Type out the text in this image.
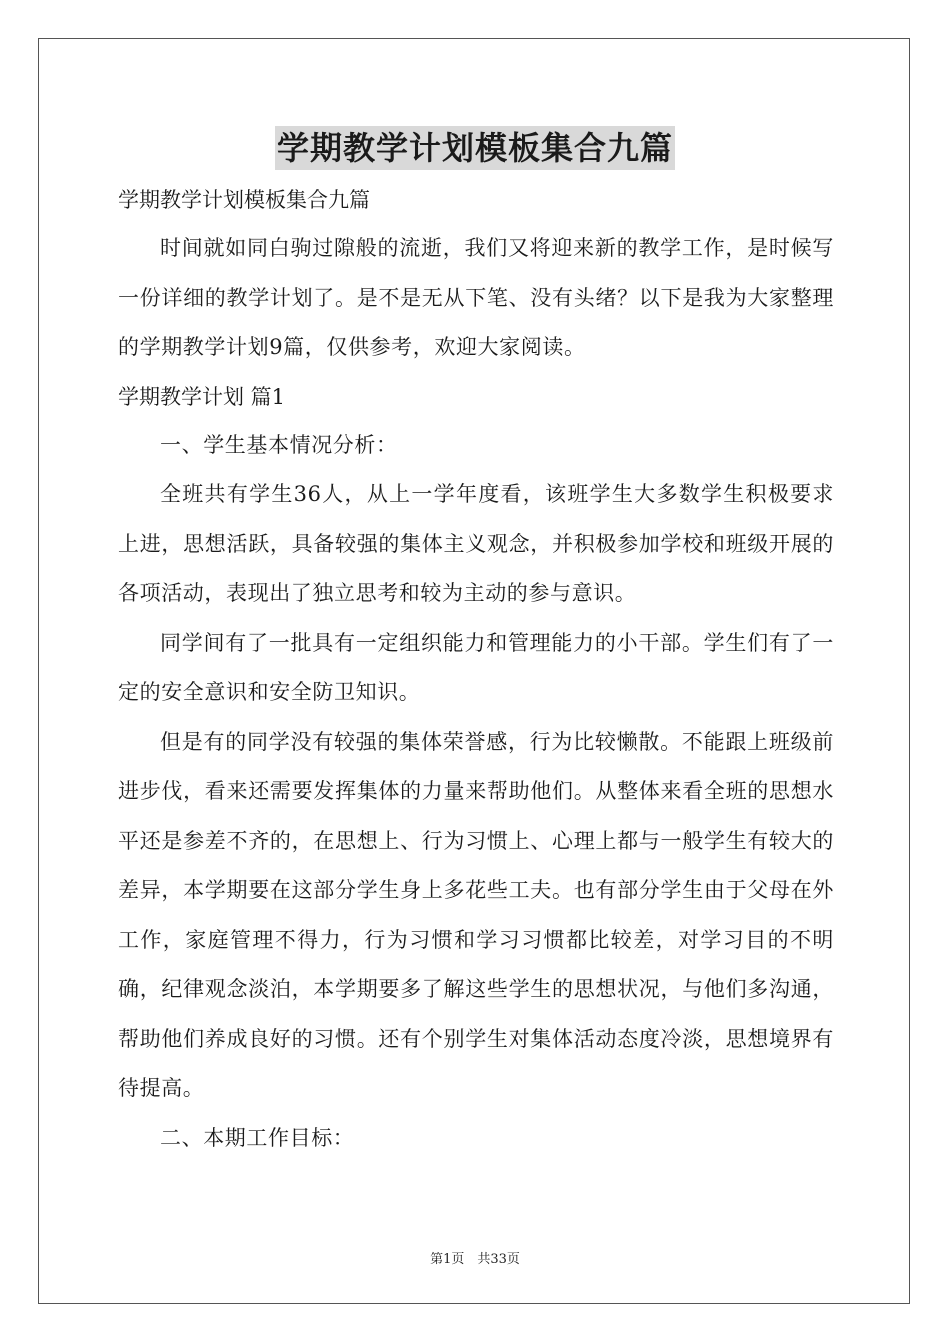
学期教学计划模板集合九篇

学期教学计划模板集合九篇

时间就如同白驹过隙般的流逝，我们又将迎来新的教学工作，是时候写一份详细的教学计划了。是不是无从下笔、没有头绪？以下是我为大家整理的学期教学计划9篇，仅供参考，欢迎大家阅读。

学期教学计划 篇1

一、学生基本情况分析：

全班共有学生36人，从上一学年度看，该班学生大多数学生积极要求上进，思想活跃，具备较强的集体主义观念，并积极参加学校和班级开展的各项活动，表现出了独立思考和较为主动的参与意识。

同学间有了一批具有一定组织能力和管理能力的小干部。学生们有了一定的安全意识和安全防卫知识。

但是有的同学没有较强的集体荣誉感，行为比较懒散。不能跟上班级前进步伐，看来还需要发挥集体的力量来帮助他们。从整体来看全班的思想水平还是参差不齐的，在思想上、行为习惯上、心理上都与一般学生有较大的差异，本学期要在这部分学生身上多花些工夫。也有部分学生由于父母在外工作，家庭管理不得力，行为习惯和学习习惯都比较差，对学习目的不明确，纪律观念淡泊，本学期要多了解这些学生的思想状况，与他们多沟通，帮助他们养成良好的习惯。还有个别学生对集体活动态度冷淡，思想境界有待提高。

二、本期工作目标：

第1页　共33页
